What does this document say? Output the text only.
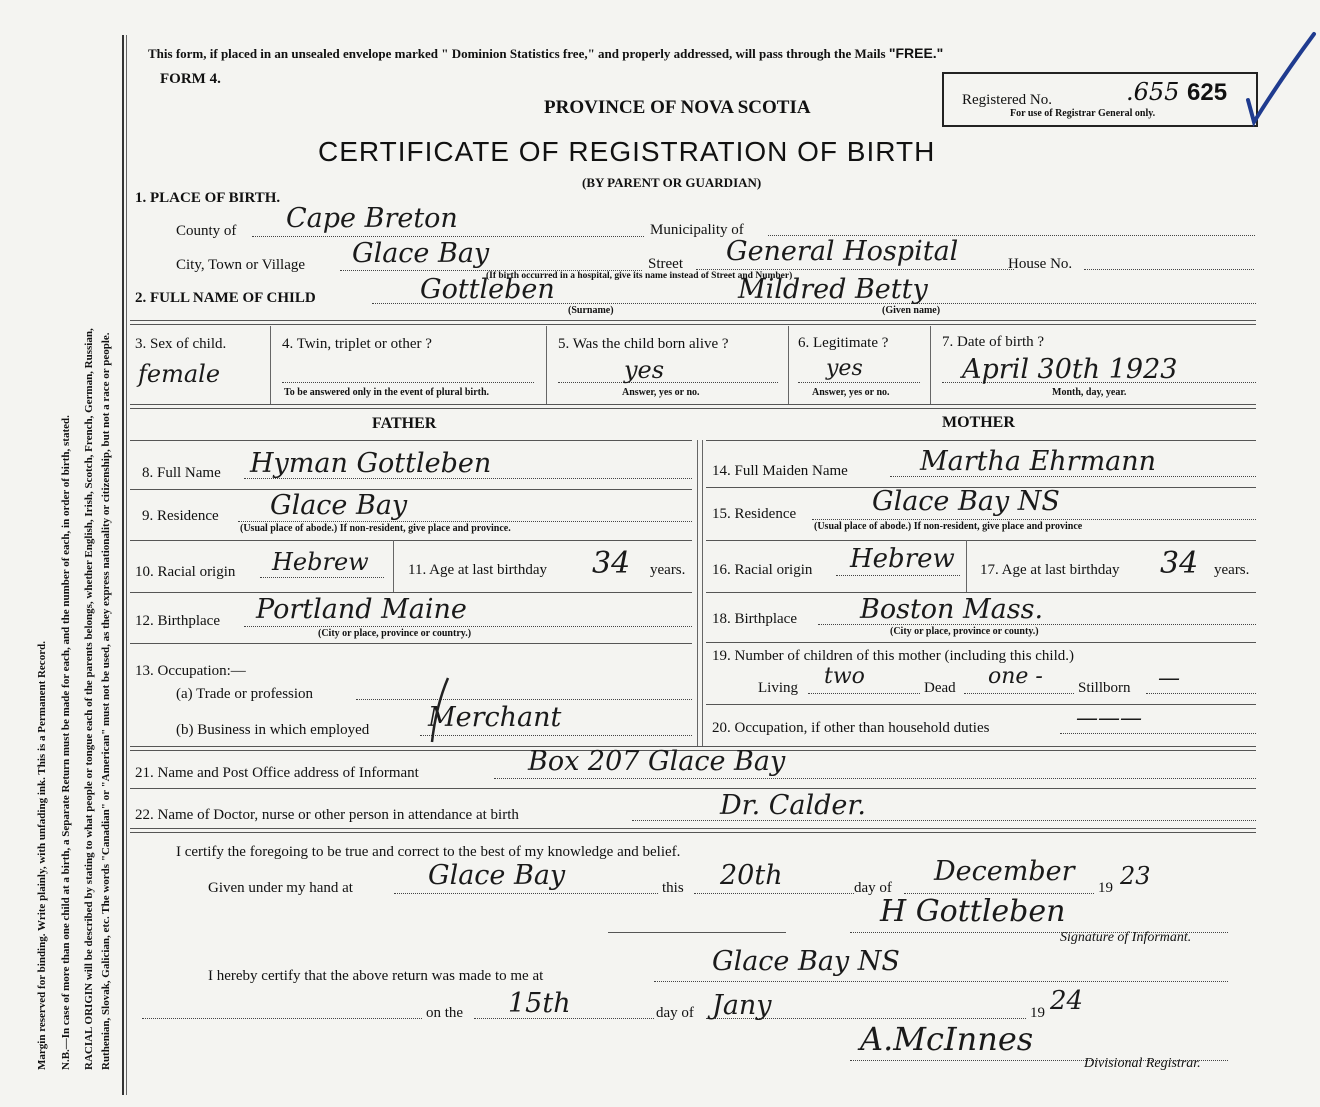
Margin reserved for binding. Write plainly, with unfading ink. This is a Permanent Record. N.B.—In case of more than one child at a birth, a Separate Return must be made for each, and the number of each, in order of birth, stated. RACIAL ORIGIN will be described by stating to what people or tongue each of the parents belongs, whether English, Irish, Scotch, French, German, Russian, Ruthenian, Slovak, Galician, etc. The words "Canadian" or "American" must not be used, as they express nationality or citizenship, but not a race or people.
This form, if placed in an unsealed envelope marked " Dominion Statistics free," and properly addressed, will pass through the Mails "FREE."
FORM 4.
PROVINCE OF NOVA SCOTIA
CERTIFICATE OF REGISTRATION OF BIRTH
(BY PARENT OR GUARDIAN)
Registered No.	.655 625
For use of Registrar General only.
1. PLACE OF BIRTH.
County of Cape Breton	Municipality of
City, Town or Village Glace Bay	Street General Hospital	House No.
(If birth occurred in a hospital, give its name instead of Street and Number)
2. FULL NAME OF CHILD	Gottleben	Mildred Betty
(Surname)	(Given name)
3. Sex of child.
female
4. Twin, triplet or other ?
To be answered only in the event of plural birth.
5. Was the child born alive ?
yes
Answer, yes or no.
6. Legitimate ?
yes
Answer, yes or no.
7. Date of birth ?
April 30th 1923
Month, day, year.
FATHER	MOTHER
8. Full Name Hyman Gottleben
9. Residence Glace Bay
(Usual place of abode.) If non-resident, give place and province.
10. Racial origin Hebrew	11. Age at last birthday 34 years.
12. Birthplace Portland Maine
(City or place, province or country.)
13. Occupation:—
(a) Trade or profession
(b) Business in which employed Merchant
14. Full Maiden Name	Martha Ehrmann
15. Residence	Glace Bay NS
(Usual place of abode.) If non-resident, give place and province
16. Racial origin Hebrew 17. Age at last birthday 34 years.
18. Birthplace Boston Mass.
(City or place, province or county.)
19. Number of children of this mother (including this child.)
Living two	Dead one - Stillborn —
20. Occupation, if other than household duties	———
21. Name and Post Office address of Informant	Box 207 Glace Bay
22. Name of Doctor, nurse or other person in attendance at birth	Dr. Calder.
I certify the foregoing to be true and correct to the best of my knowledge and belief.
Given under my hand at	Glace Bay	this 20th	day of
December
19 23
H Gottleben
Signature of Informant.
I hereby certify that the above return was made to me at	Glace Bay NS
on the 15th	day of Jany	19 24
A.McInnes
Divisional Registrar.
